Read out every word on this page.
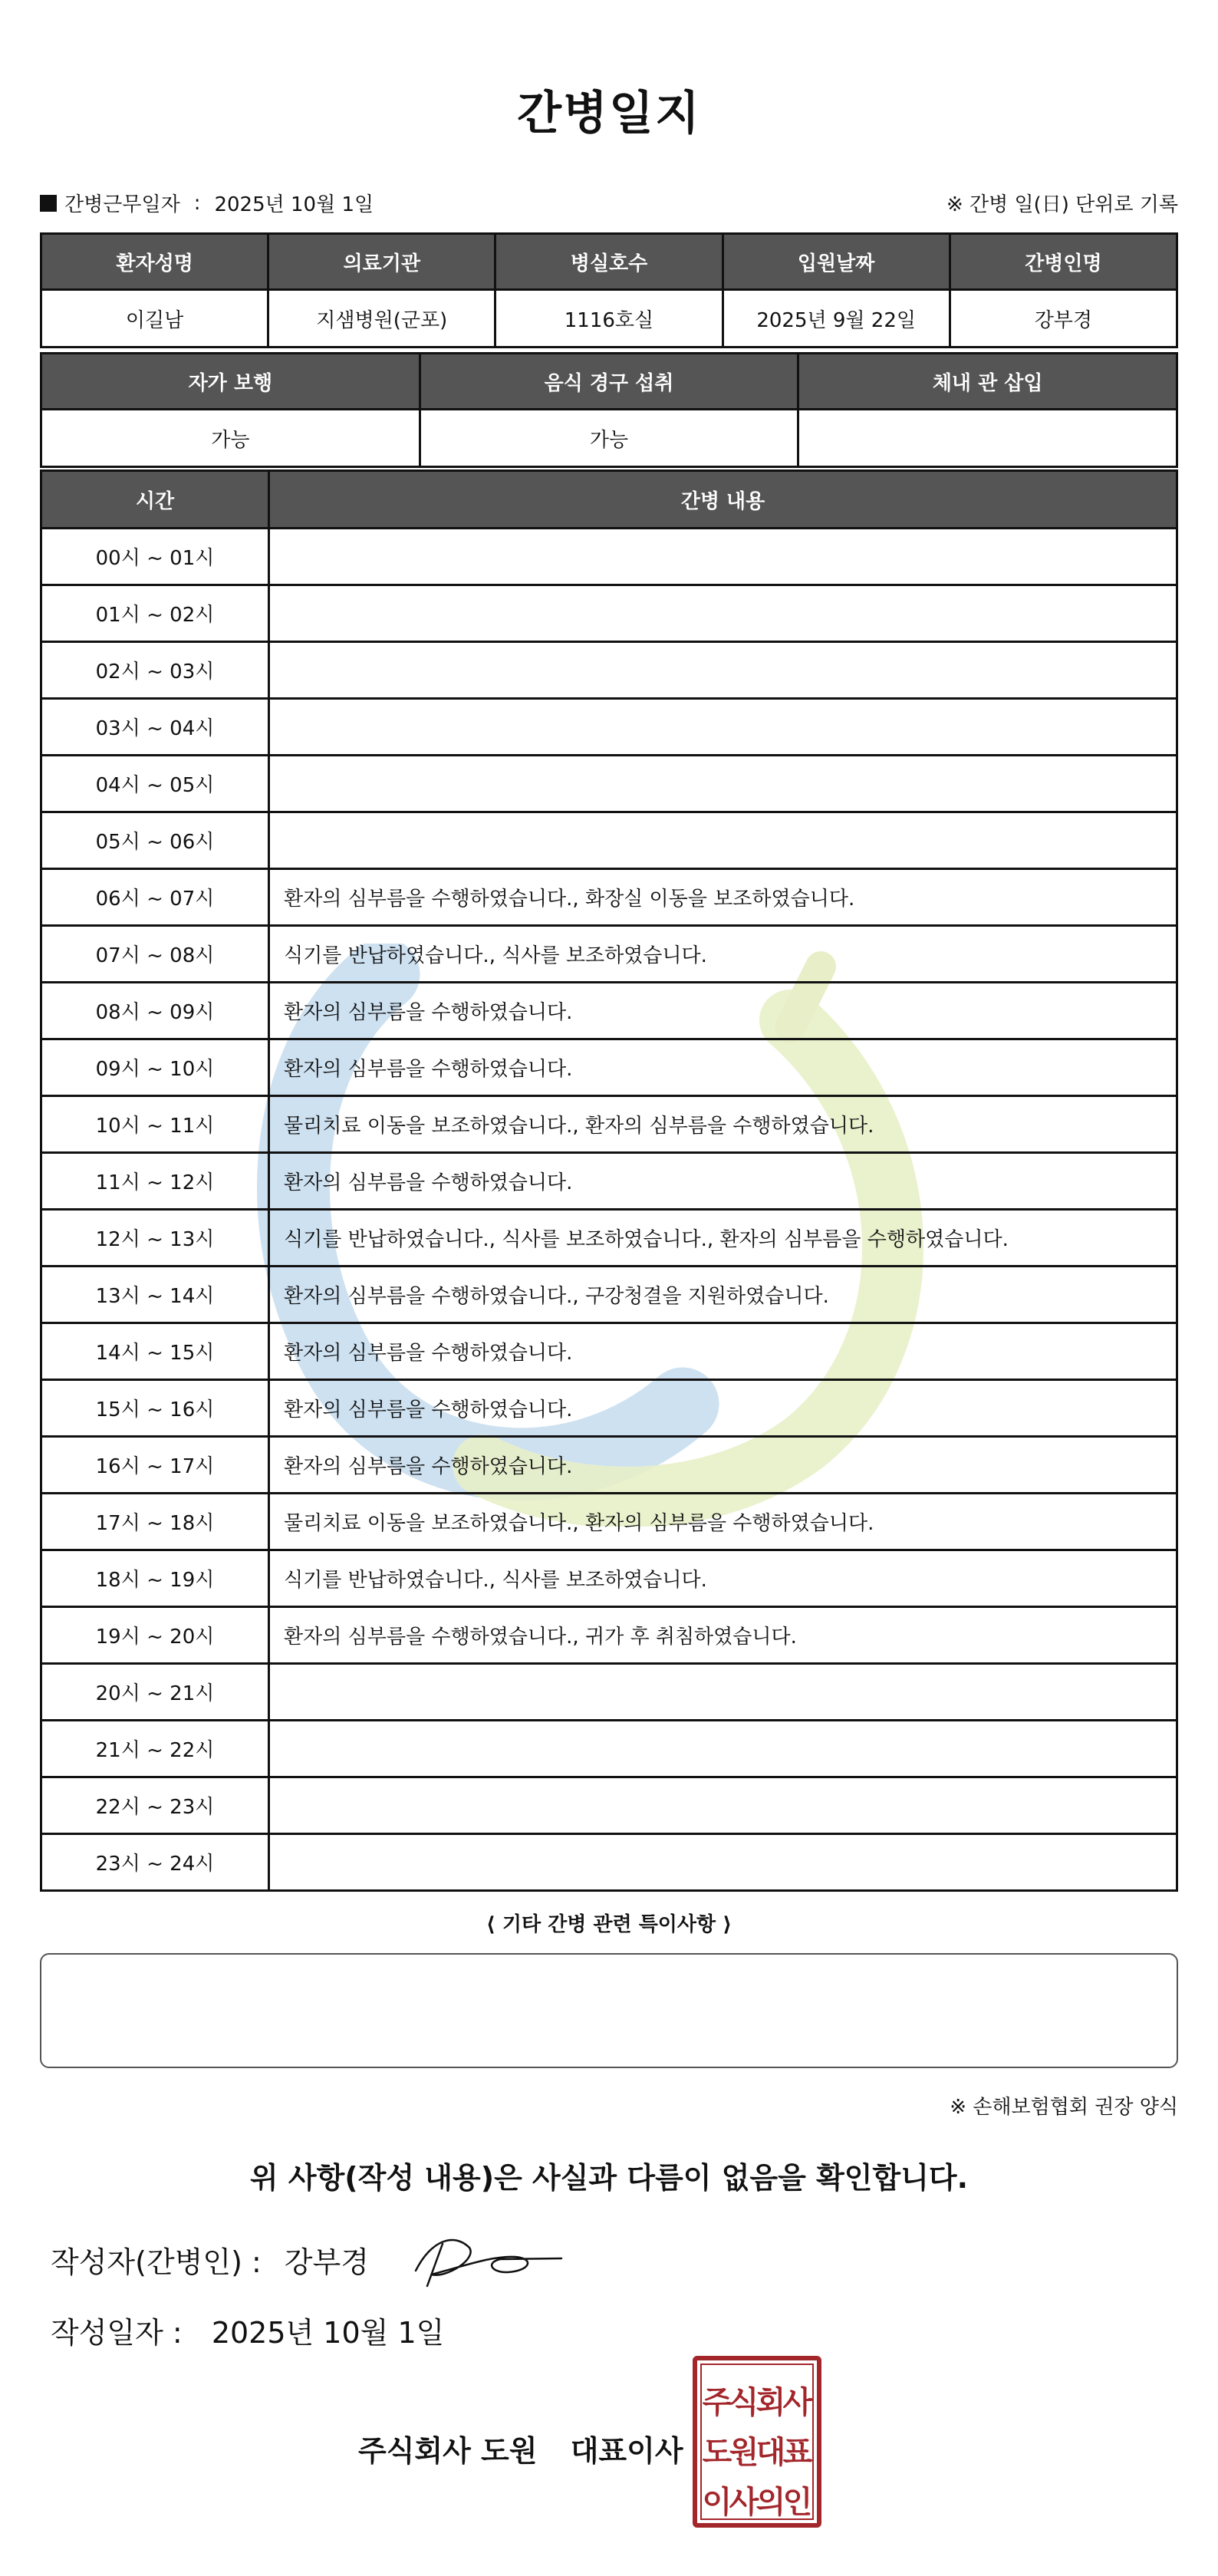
간병일지
간병근무일자 : 2025년 10월 1일	※ 간병 일(日) 단위로 기록
환자성명	의료기관	병실호수	입원날짜	간병인명
이길남	지샘병원(군포)	1116호실	2025년 9월 22일	강부경
자가 보행	음식 경구 섭취	체내 관 삽입
가능	가능	
시간	간병 내용
00시 ~ 01시	
01시 ~ 02시	
02시 ~ 03시	
03시 ~ 04시	
04시 ~ 05시	
05시 ~ 06시	
06시 ~ 07시	환자의 심부름을 수행하였습니다., 화장실 이동을 보조하였습니다.
07시 ~ 08시	식기를 반납하였습니다., 식사를 보조하였습니다.
08시 ~ 09시	환자의 심부름을 수행하였습니다.
09시 ~ 10시	환자의 심부름을 수행하였습니다.
10시 ~ 11시	물리치료 이동을 보조하였습니다., 환자의 심부름을 수행하였습니다.
11시 ~ 12시	환자의 심부름을 수행하였습니다.
12시 ~ 13시	식기를 반납하였습니다., 식사를 보조하였습니다., 환자의 심부름을 수행하였습니다.
13시 ~ 14시	환자의 심부름을 수행하였습니다., 구강청결을 지원하였습니다.
14시 ~ 15시	환자의 심부름을 수행하였습니다.
15시 ~ 16시	환자의 심부름을 수행하였습니다.
16시 ~ 17시	환자의 심부름을 수행하였습니다.
17시 ~ 18시	물리치료 이동을 보조하였습니다., 환자의 심부름을 수행하였습니다.
18시 ~ 19시	식기를 반납하였습니다., 식사를 보조하였습니다.
19시 ~ 20시	환자의 심부름을 수행하였습니다., 귀가 후 취침하였습니다.
20시 ~ 21시	
21시 ~ 22시	
22시 ~ 23시	
23시 ~ 24시	
⟨ 기타 간병 관련 특이사항 ⟩
※ 손해보험협회 권장 양식
위 사항(작성 내용)은 사실과 다름이 없음을 확인합니다.
작성자(간병인) : 강부경
작성일자 : 2025년 10월 1일
주식회사 도원 대표이사
주
식
회
사
도
원
대
표
이
사
의
인
